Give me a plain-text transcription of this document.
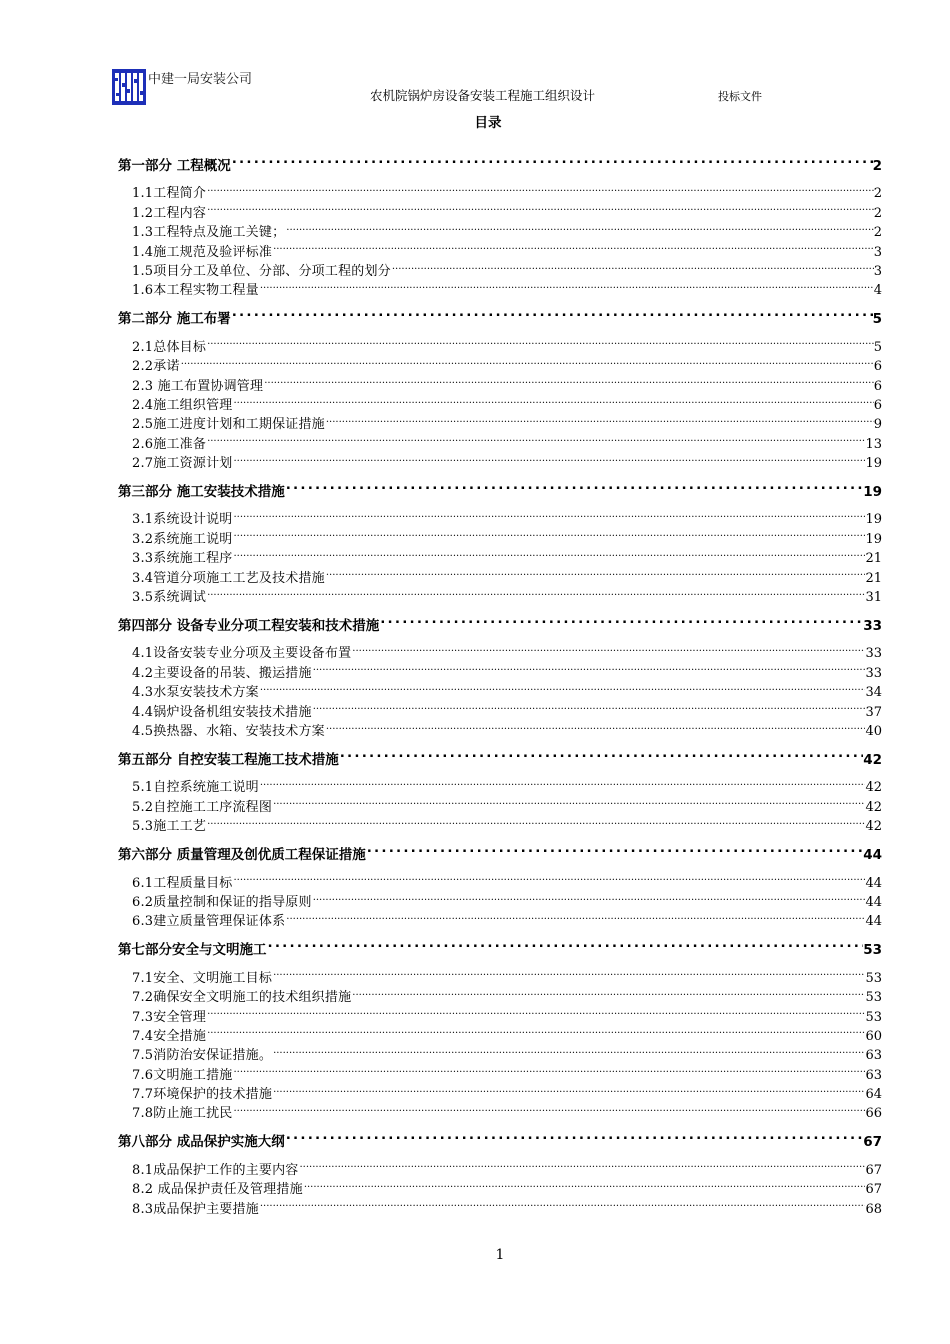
中建一局安装公司
农机院锅炉房设备安装工程施工组织设计	投标文件
目录
第一部分 工程概况 .....	2
1.1工程简介 .....	2
1.2工程内容 .....	2
1.3工程特点及施工关键； .....	2
1.4施工规范及验评标准 .....	3
1.5项目分工及单位、分部、分项工程的划分 .....	3
1.6本工程实物工程量 .....	4
第二部分 施工布署 .....	5
2.1总体目标 .....	5
2.2承诺 .....	6
2.3 施工布置协调管理 .....	6
2.4施工组织管理 .....	6
2.5施工进度计划和工期保证措施 .....	9
2.6施工准备 .....	13
2.7施工资源计划 .....	19
第三部分 施工安装技术措施 .....	19
3.1系统设计说明 .....	19
3.2系统施工说明 .....	19
3.3系统施工程序 .....	21
3.4管道分项施工工艺及技术措施 .....	21
3.5系统调试 .....	31
第四部分 设备专业分项工程安装和技术措施 .....	33
4.1设备安装专业分项及主要设备布置 .....	33
4.2主要设备的吊装、搬运措施 .....	33
4.3水泵安装技术方案 .....	34
4.4锅炉设备机组安装技术措施 .....	37
4.5换热器、水箱、安装技术方案 .....	40
第五部分 自控安装工程施工技术措施 .....	42
5.1自控系统施工说明 .....	42
5.2自控施工工序流程图 .....	42
5.3施工工艺 .....	42
第六部分 质量管理及创优质工程保证措施 .....	44
6.1工程质量目标 .....	44
6.2质量控制和保证的指导原则 .....	44
6.3建立质量管理保证体系 .....	44
第七部分安全与文明施工 .....	53
7.1安全、文明施工目标 .....	53
7.2确保安全文明施工的技术组织措施 .....	53
7.3安全管理 .....	53
7.4安全措施 .....	60
7.5消防治安保证措施。 .....	63
7.6文明施工措施 .....	63
7.7环境保护的技术措施 .....	64
7.8防止施工扰民 .....	66
第八部分 成品保护实施大纲 .....	67
8.1成品保护工作的主要内容 .....	67
8.2 成品保护责任及管理措施 .....	67
8.3成品保护主要措施 .....	68
1
